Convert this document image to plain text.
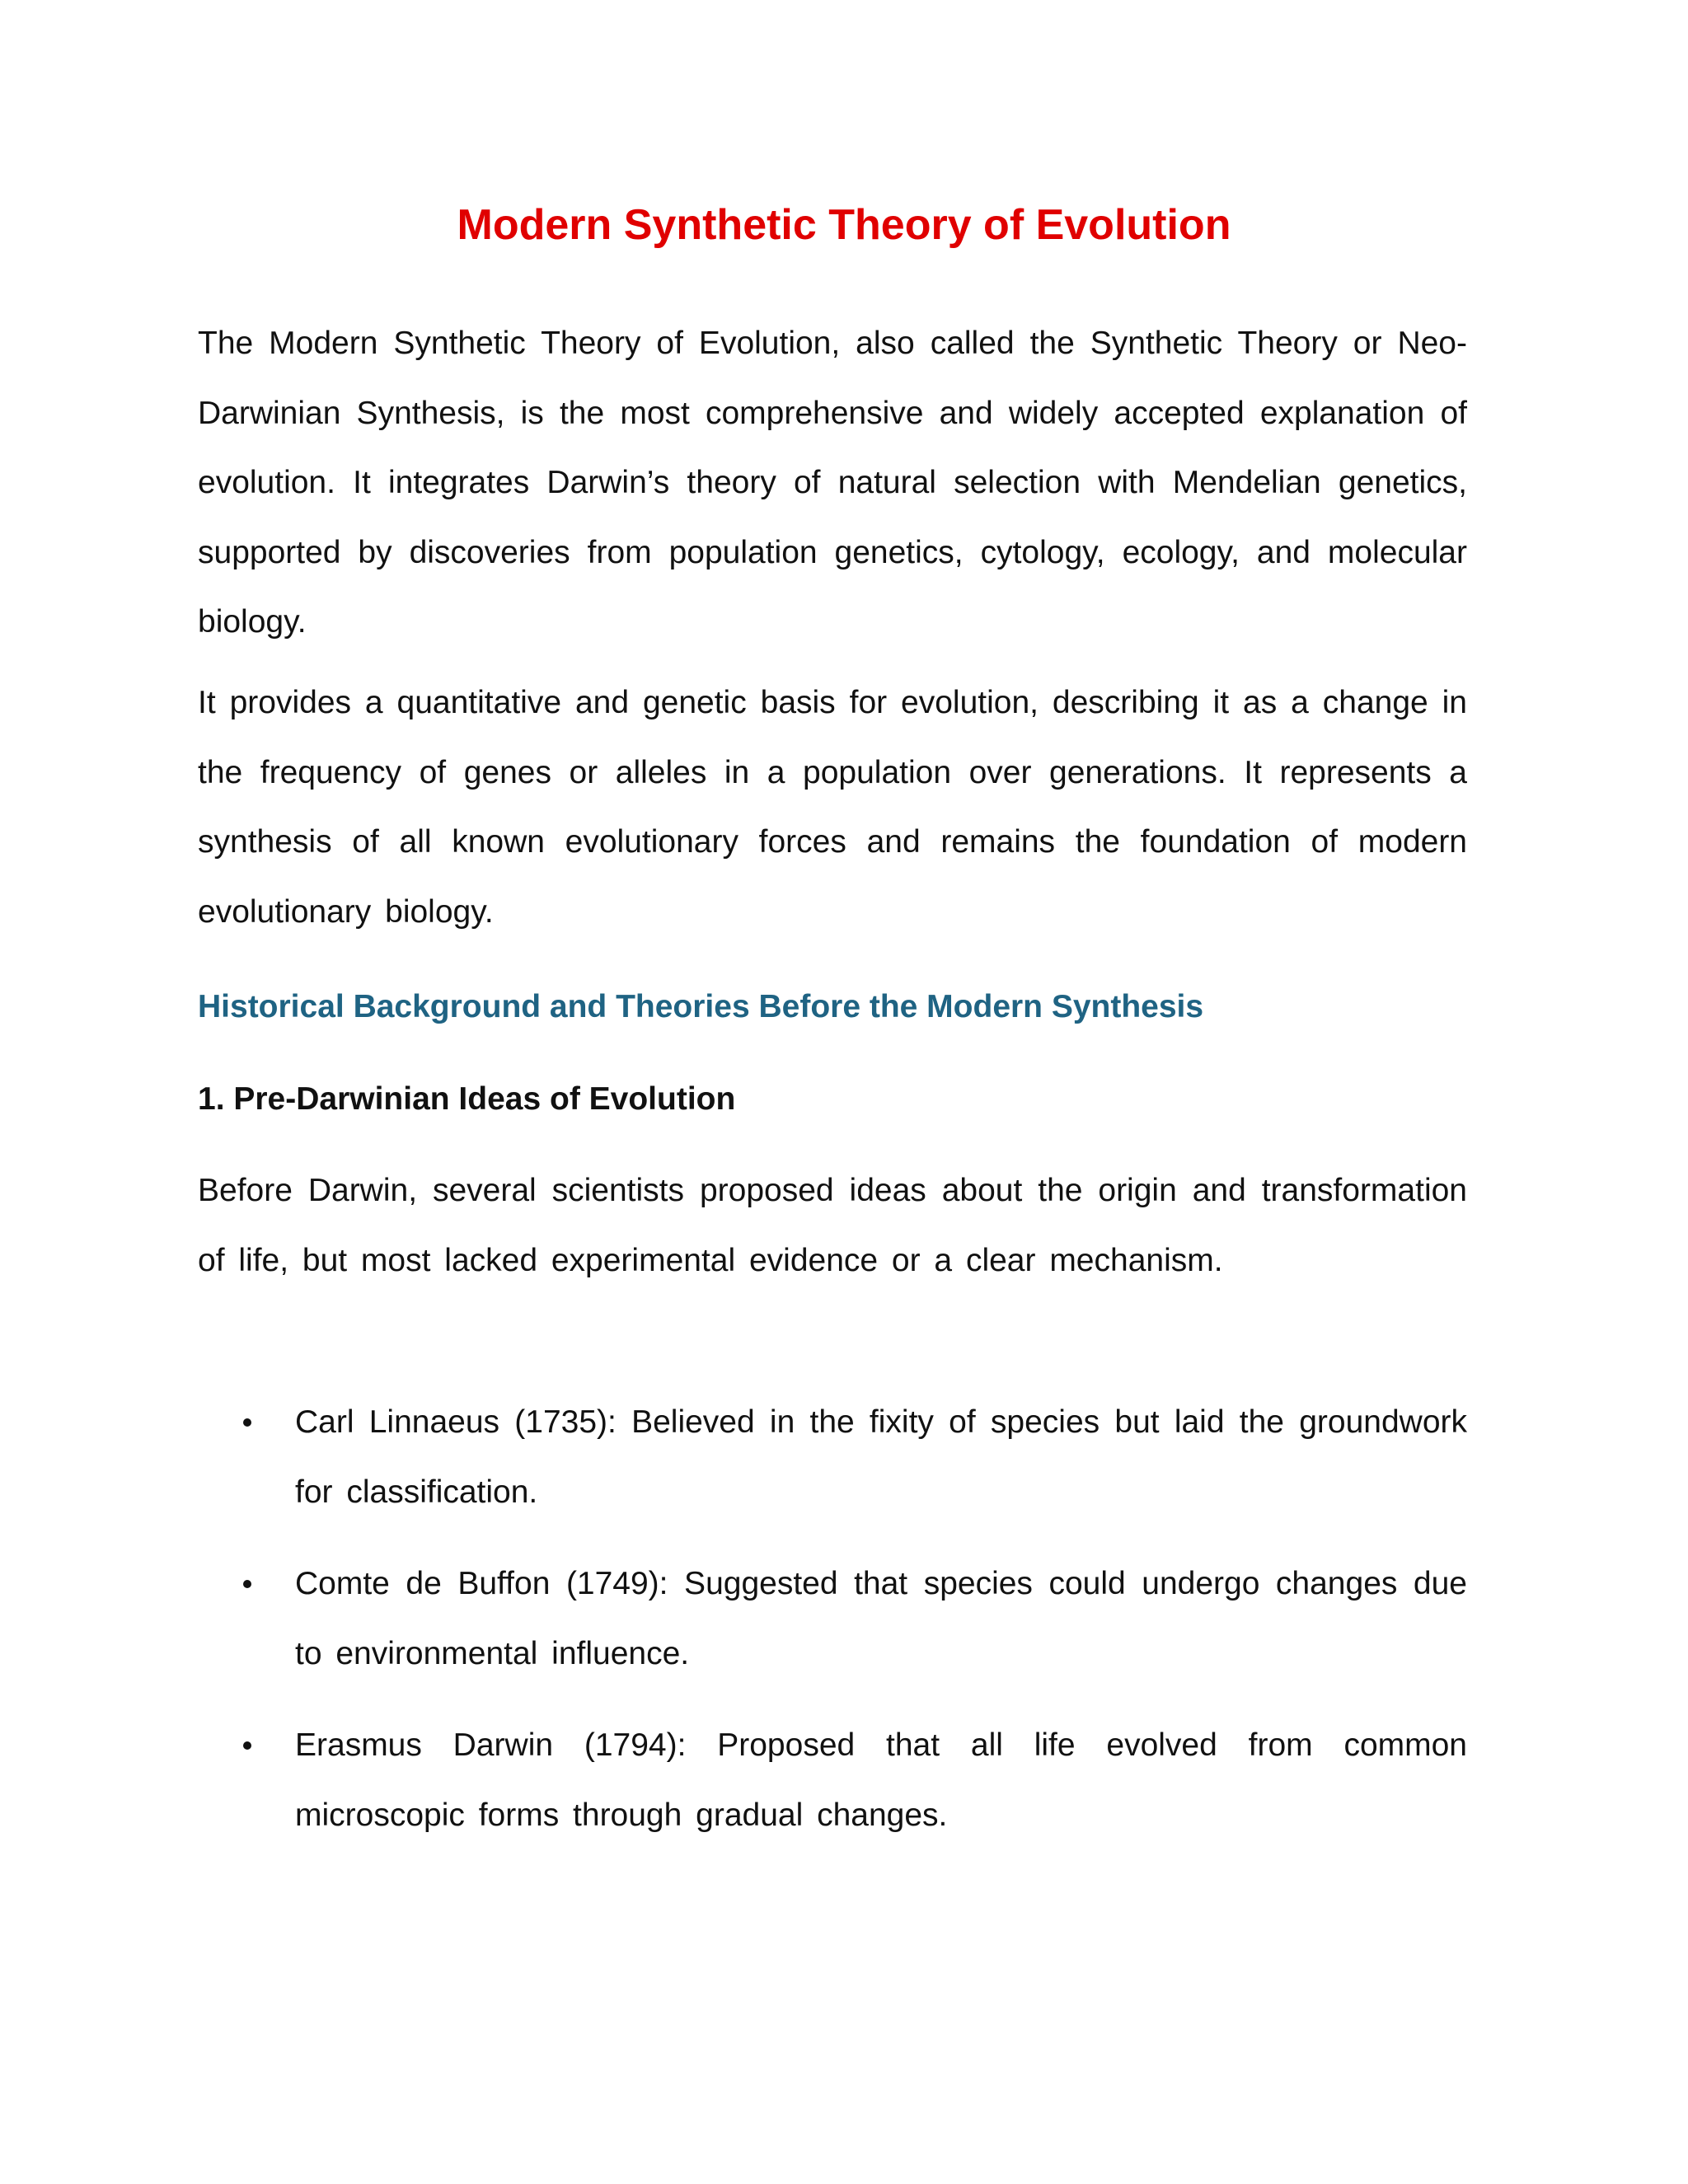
Modern Synthetic Theory of Evolution

The Modern Synthetic Theory of Evolution, also called the Synthetic Theory or Neo-Darwinian Synthesis, is the most comprehensive and widely accepted explanation of evolution. It integrates Darwin’s theory of natural selection with Mendelian genetics, supported by discoveries from population genetics, cytology, ecology, and molecular biology.

It provides a quantitative and genetic basis for evolution, describing it as a change in the frequency of genes or alleles in a population over generations. It represents a synthesis of all known evolutionary forces and remains the foundation of modern evolutionary biology.

Historical Background and Theories Before the Modern Synthesis
1. Pre-Darwinian Ideas of Evolution

Before Darwin, several scientists proposed ideas about the origin and transformation of life, but most lacked experimental evidence or a clear mechanism.

Carl Linnaeus (1735): Believed in the fixity of species but laid the groundwork for classification.
Comte de Buffon (1749): Suggested that species could undergo changes due to environmental influence.
Erasmus Darwin (1794): Proposed that all life evolved from common microscopic forms through gradual changes.
